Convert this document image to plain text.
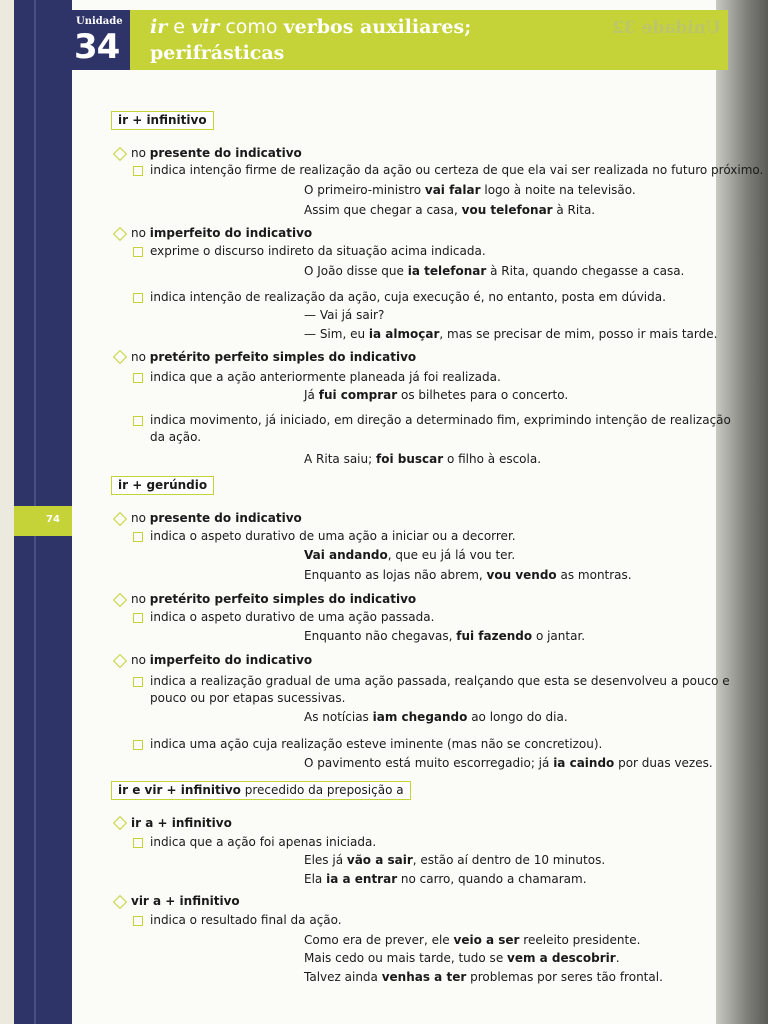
Unidade 32
Unidade
34 ir e vir como verbos auxiliares;
perifrásticas
74
ir + infinitivo
no presente do indicativo
indica intenção firme de realização da ação ou certeza de que ela vai ser realizada no futuro próximo.
O primeiro-ministro vai falar logo à noite na televisão.
Assim que chegar a casa, vou telefonar à Rita.
no imperfeito do indicativo
exprime o discurso indireto da situação acima indicada.
O João disse que ia telefonar à Rita, quando chegasse a casa.
indica intenção de realização da ação, cuja execução é, no entanto, posta em dúvida.
— Vai já sair?
— Sim, eu ia almoçar, mas se precisar de mim, posso ir mais tarde.
no pretérito perfeito simples do indicativo
indica que a ação anteriormente planeada já foi realizada.
Já fui comprar os bilhetes para o concerto.
indica movimento, já iniciado, em direção a determinado fim, exprimindo intenção de realização da ação.
A Rita saiu; foi buscar o filho à escola.
ir + gerúndio
no presente do indicativo
indica o aspeto durativo de uma ação a iniciar ou a decorrer.
Vai andando, que eu já lá vou ter.
Enquanto as lojas não abrem, vou vendo as montras.
no pretérito perfeito simples do indicativo
indica o aspeto durativo de uma ação passada.
Enquanto não chegavas, fui fazendo o jantar.
no imperfeito do indicativo
indica a realização gradual de uma ação passada, realçando que esta se desenvolveu a pouco e pouco ou por etapas sucessivas.
As notícias iam chegando ao longo do dia.
indica uma ação cuja realização esteve iminente (mas não se concretizou).
O pavimento está muito escorregadio; já ia caindo por duas vezes.
ir e vir + infinitivo precedido da preposição a
ir a + infinitivo
indica que a ação foi apenas iniciada.
Eles já vão a sair, estão aí dentro de 10 minutos.
Ela ia a entrar no carro, quando a chamaram.
vir a + infinitivo
indica o resultado final da ação.
Como era de prever, ele veio a ser reeleito presidente.
Mais cedo ou mais tarde, tudo se vem a descobrir.
Talvez ainda venhas a ter problemas por seres tão frontal.
